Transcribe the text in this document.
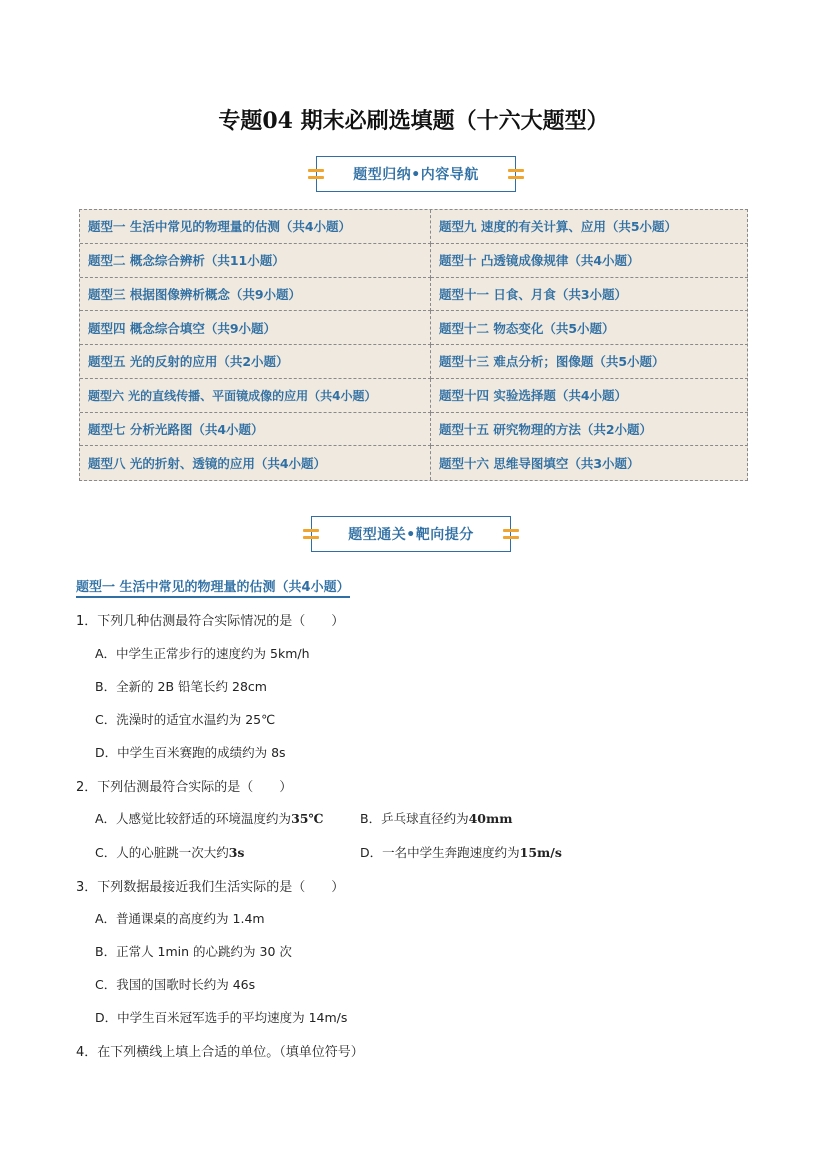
专题04 期末必刷选填题（十六大题型）
题型归纳•内容导航
题型一 生活中常见的物理量的估测（共4小题）	题型九 速度的有关计算、应用（共5小题）
题型二 概念综合辨析（共11小题）	题型十 凸透镜成像规律（共4小题）
题型三 根据图像辨析概念（共9小题）	题型十一 日食、月食（共3小题）
题型四 概念综合填空（共9小题）	题型十二 物态变化（共5小题）
题型五 光的反射的应用（共2小题）	题型十三 难点分析；图像题（共5小题）
题型六 光的直线传播、平面镜成像的应用（共4小题）	题型十四 实验选择题（共4小题）
题型七 分析光路图（共4小题）	题型十五 研究物理的方法（共2小题）
题型八 光的折射、透镜的应用（共4小题）	题型十六 思维导图填空（共3小题）
题型通关•靶向提分
题型一 生活中常见的物理量的估测（共4小题）
1．下列几种估测最符合实际情况的是（　　）
A．中学生正常步行的速度约为 5km/h
B．全新的 2B 铅笔长约 28cm
C．洗澡时的适宜水温约为 25℃
D．中学生百米赛跑的成绩约为 8s
2．下列估测最符合实际的是（　　）
A．人感觉比较舒适的环境温度约为35℃	B．乒乓球直径约为40mm
C．人的心脏跳一次大约3s	D．一名中学生奔跑速度约为15m/s
3．下列数据最接近我们生活实际的是（　　）
A．普通课桌的高度约为 1.4m
B．正常人 1min 的心跳约为 30 次
C．我国的国歌时长约为 46s
D．中学生百米冠军选手的平均速度为 14m/s
4．在下列横线上填上合适的单位。（填单位符号）
